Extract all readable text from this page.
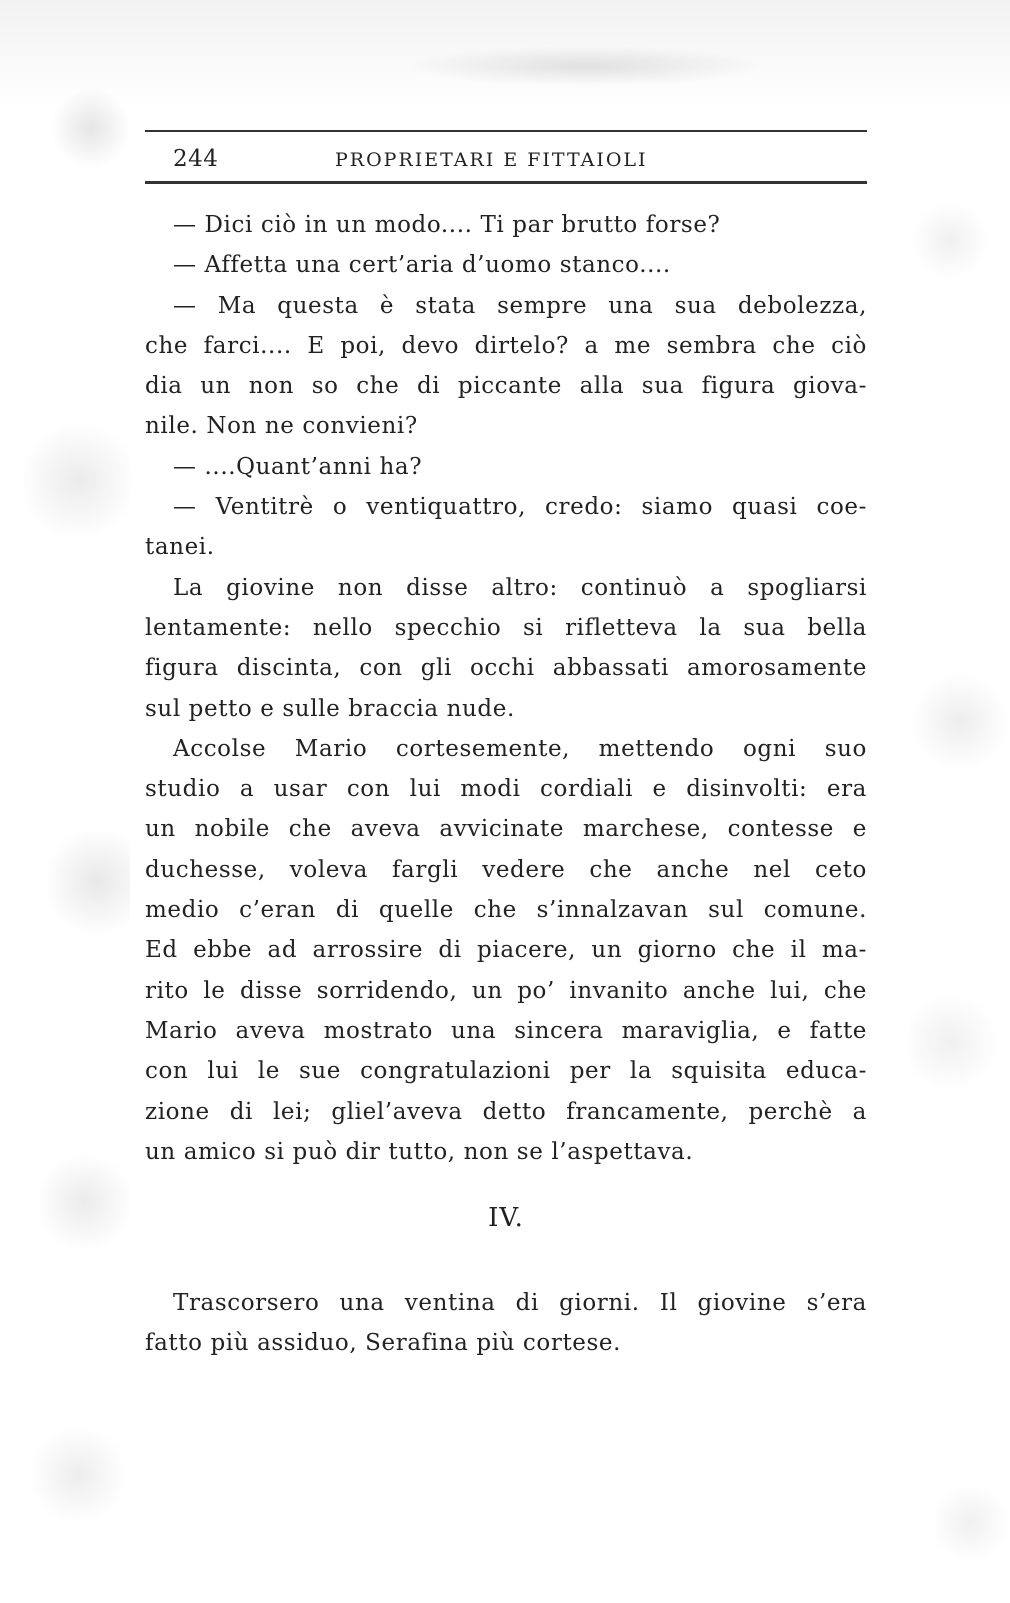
244	PROPRIETARI E FITTAIOLI
— Dici ciò in un modo.... Ti par brutto forse?
— Affetta una cert’aria d’uomo stanco....
— Ma questa è stata sempre una sua debolezza,
che farci.... E poi, devo dirtelo? a me sembra che ciò
dia un non so che di piccante alla sua figura giova-
nile. Non ne convieni?
— ....Quant’anni ha?
— Ventitrè o ventiquattro, credo: siamo quasi coe-
tanei.
La giovine non disse altro: continuò a spogliarsi
lentamente: nello specchio si rifletteva la sua bella
figura discinta, con gli occhi abbassati amorosamente
sul petto e sulle braccia nude.
Accolse Mario cortesemente, mettendo ogni suo
studio a usar con lui modi cordiali e disinvolti: era
un nobile che aveva avvicinate marchese, contesse e
duchesse, voleva fargli vedere che anche nel ceto
medio c’eran di quelle che s’innalzavan sul comune.
Ed ebbe ad arrossire di piacere, un giorno che il ma-
rito le disse sorridendo, un po’ invanito anche lui, che
Mario aveva mostrato una sincera maraviglia, e fatte
con lui le sue congratulazioni per la squisita educa-
zione di lei; gliel’aveva detto francamente, perchè a
un amico si può dir tutto, non se l’aspettava.
IV.
Trascorsero una ventina di giorni. Il giovine s’era
fatto più assiduo, Serafina più cortese.
